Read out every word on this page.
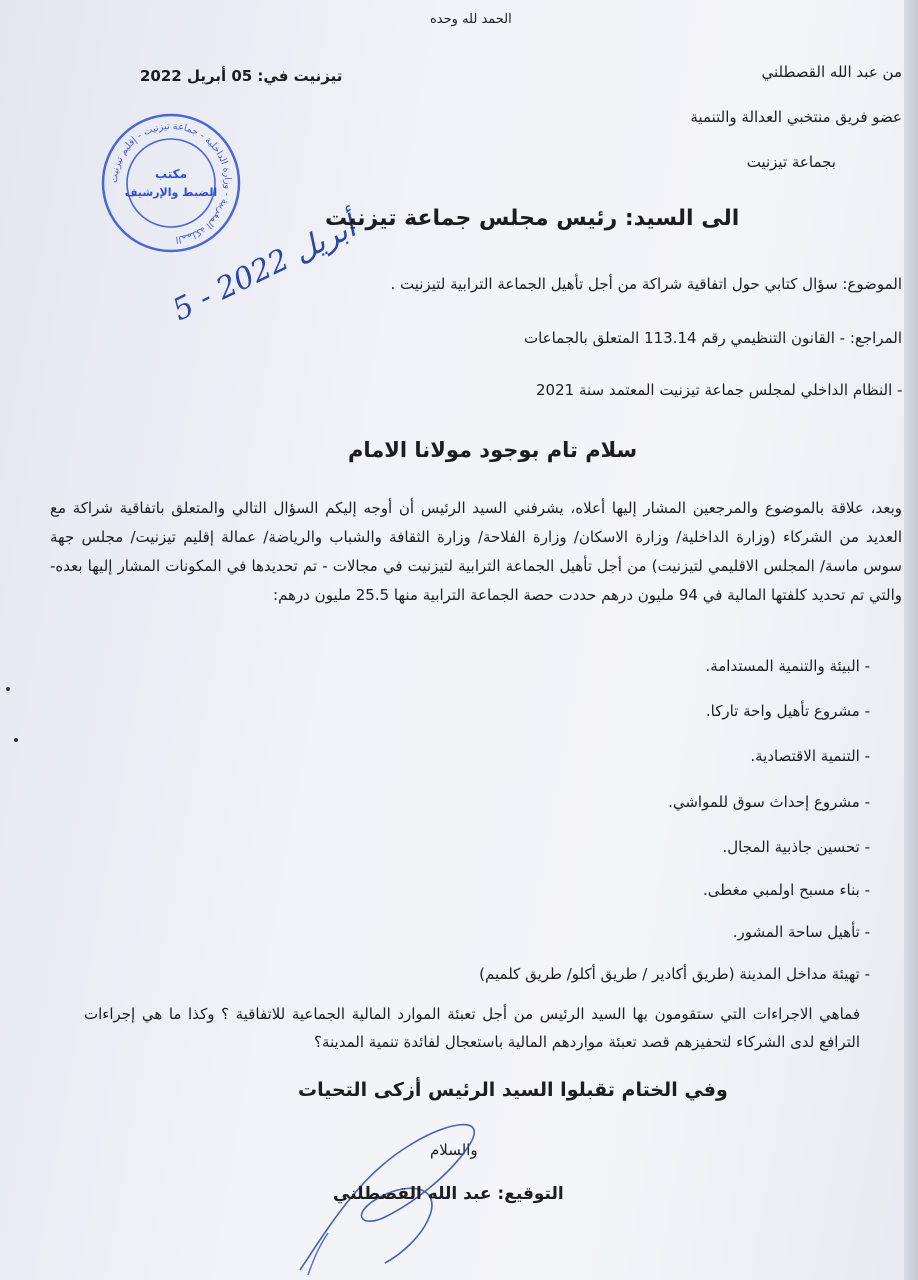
الحمد لله وحده
تيزنيت في: 05 أبريل 2022	من عبد الله القصطلني
عضو فريق منتخبي العدالة والتنمية
بجماعة تيزنيت
المملكة المغربية - وزارة الداخلية - جماعة تيزنيت - إقليم تيزنيت
مكتب
الضبط والإرشيف
5 - أبريل 2022
الى السيد: رئيس مجلس جماعة تيزنيت
الموضوع: سؤال كتابي حول اتفاقية شراكة من أجل تأهيل الجماعة الترابية لتيزنيت .
المراجع: - القانون التنظيمي رقم 113.14 المتعلق بالجماعات
- النظام الداخلي لمجلس جماعة تيزنيت المعتمد سنة 2021
سلام تام بوجود مولانا الامام
وبعد، علاقة بالموضوع والمرجعين المشار إليها أعلاه، يشرفني السيد الرئيس أن أوجه إليكم السؤال التالي والمتعلق باتفاقية شراكة مع العديد من الشركاء (وزارة الداخلية/ وزارة الاسكان/ وزارة الفلاحة/ وزارة الثقافة والشباب والرياضة/ عمالة إقليم تيزنيت/ مجلس جهة سوس ماسة/ المجلس الاقليمي لتيزنيت) من أجل تأهيل الجماعة الترابية لتيزنيت في مجالات - تم تحديدها في المكونات المشار إليها بعده- والتي تم تحديد كلفتها المالية في 94 مليون درهم حددت حصة الجماعة الترابية منها 25.5 مليون درهم:
- البيئة والتنمية المستدامة.
- مشروع تأهيل واحة تاركا.
- التنمية الاقتصادية.
- مشروع إحداث سوق للمواشي.
- تحسين جاذبية المجال.
- بناء مسبح اولمبي مغطى.
- تأهيل ساحة المشور.
- تهيئة مداخل المدينة (طريق أكادير / طريق أكلو/ طريق كلميم)
فماهي الاجراءات التي ستقومون بها السيد الرئيس من أجل تعبئة الموارد المالية الجماعية للاتفاقية ؟ وكذا ما هي إجراءات الترافع لدى الشركاء لتحفيزهم قصد تعبئة مواردهم المالية باستعجال لفائدة تنمية المدينة؟
وفي الختام تقبلوا السيد الرئيس أزكى التحيات
والسلام
التوقيع: عبد الله القصطلني
